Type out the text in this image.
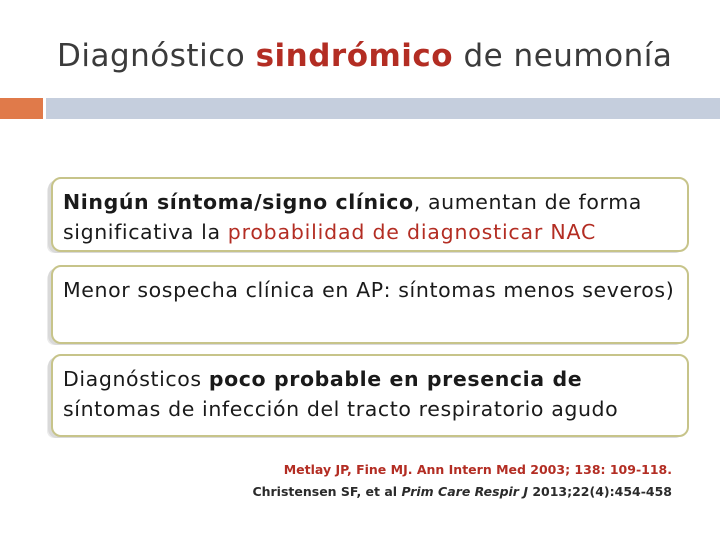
Diagnóstico sindrómico de neumonía
Ningún síntoma/signo clínico, aumentan de forma significativa la probabilidad de diagnosticar NAC
Menor sospecha clínica en AP: síntomas menos severos)
Diagnósticos poco probable en presencia de síntomas de infección del tracto respiratorio agudo
Metlay JP, Fine MJ. Ann Intern Med 2003; 138: 109-118.
Christensen SF, et al Prim Care Respir J 2013;22(4):454-458
